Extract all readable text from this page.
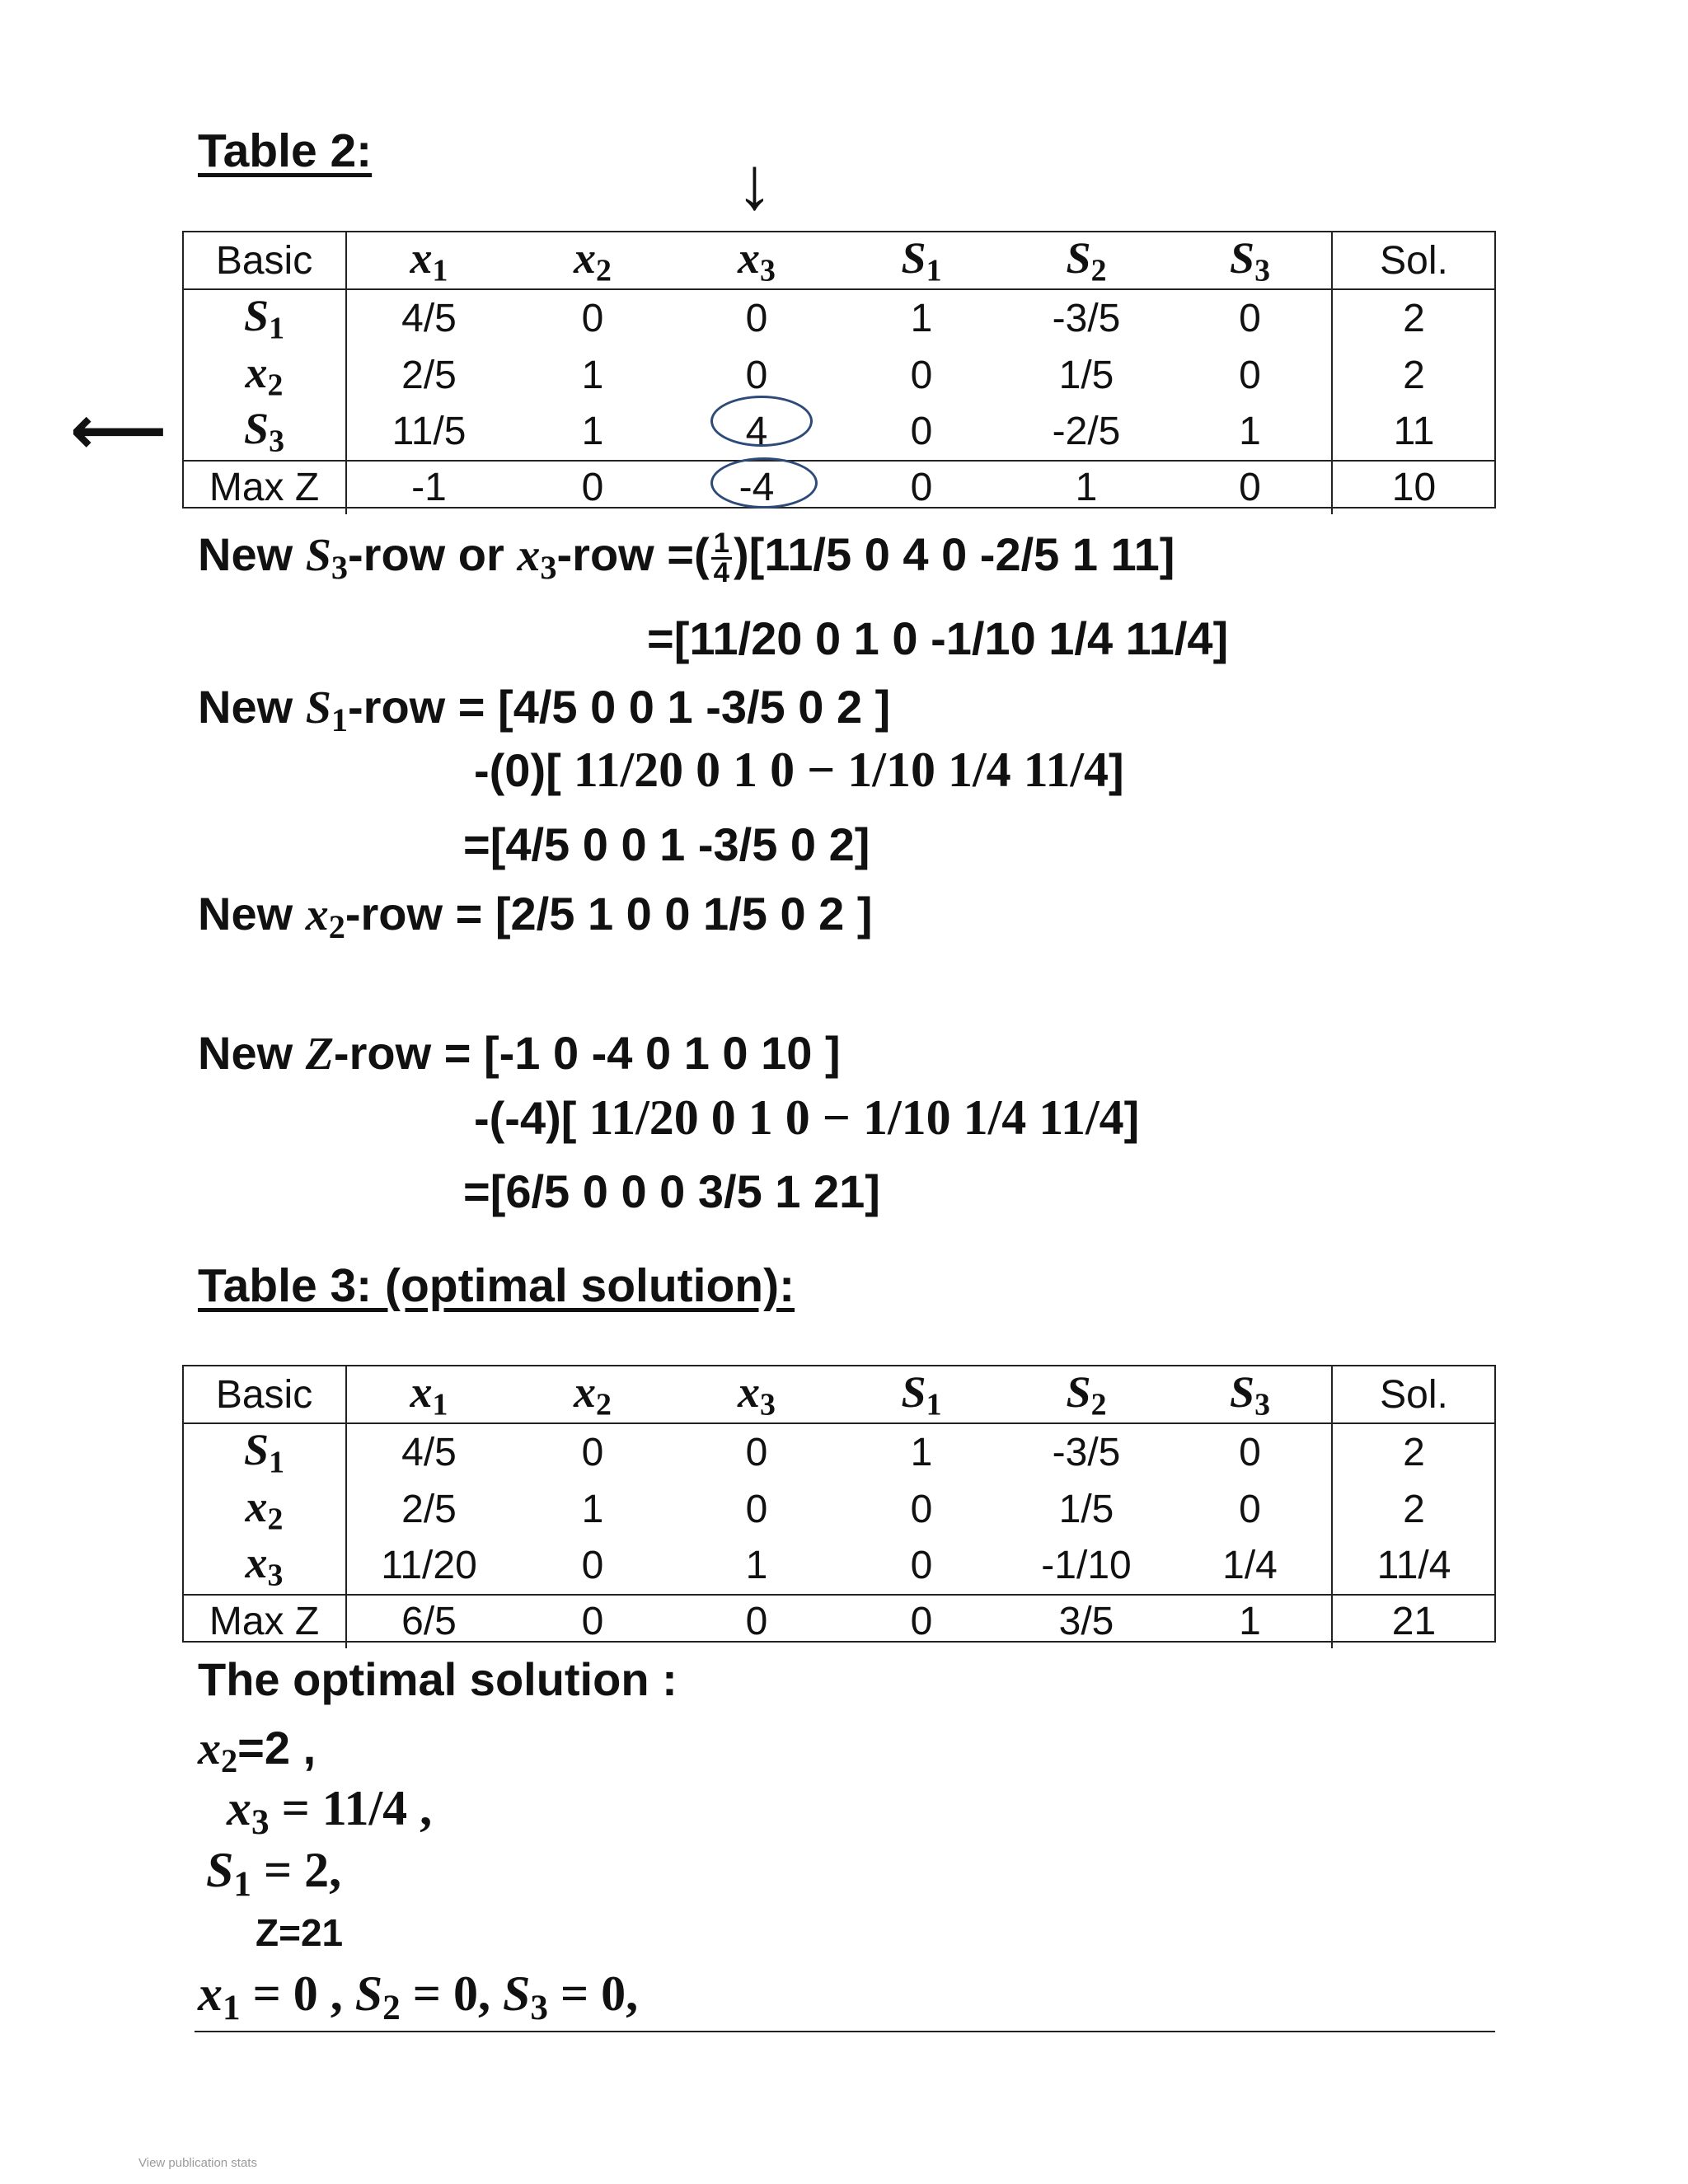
Table 2:	↓
⟵
Basic	$x_1$	$x_2$	$x_3$	$S_1$	$S_2$	$S_3$	Sol.
$S_1$	4/5	0	0	1	-3/5	0	2
$x_2$	2/5	1	0	0	1/5	0	2
$S_3$	11/5	1	4	0	-2/5	1	11
Max Z	-1	0	-4	0	1	0	10
New $S_3$-row or $x_3$-row =( $\frac{1}{4} )[11/5$ 0 4 0 -2/5 1 11]
=[11/20 0 1 0 -1/10 1/4 11/4]
New $S_1$-row = [4/5 0 0 1 -3/5 0 2 ]
-(0)[ 11/20 0 1 0 − 1/10 1/4 11/4]
=[4/5 0 0 1 -3/5 0 2]
New $x_2$-row = [2/5 1 0 0 1/5 0 2 ]
New Z-row = [-1 0 -4 0 1 0 10 ]
-(-4)[ 11/20 0 1 0 − 1/10 1/4 11/4]
=[6/5 0 0 0 3/5 1 21]
Table 3: (optimal solution):
Basic	$x_1$	$x_2$	$x_3$	$S_1$	$S_2$	$S_3$	Sol.
$S_1$	4/5	0	0	1	-3/5	0	2
$x_2$	2/5	1	0	0	1/5	0	2
$x_3$	11/20	0	1	0	-1/10	1/4	11/4
Max Z	6/5	0	0	0	3/5	1	21
The optimal solution :
$x_2=2$ ,
$x_3 = 11/4$ ,
$S_1 = 2$,
Z=21
$x_1 = 0$ , $S_2 = 0$, $S_3 = 0$,
View publication stats
